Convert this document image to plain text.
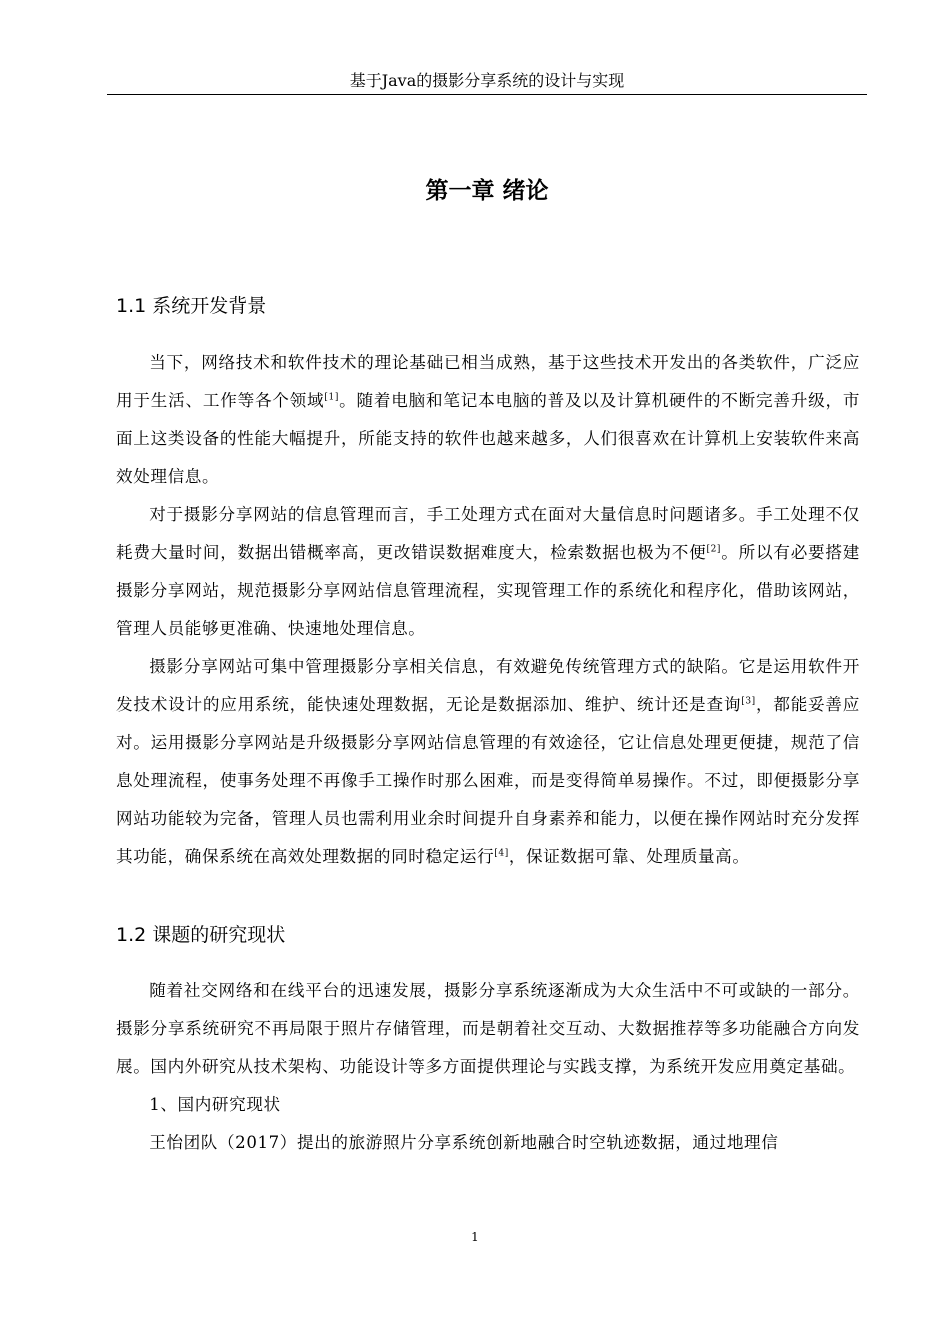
基于Java的摄影分享系统的设计与实现
第一章 绪论
1.1 系统开发背景

当下，网络技术和软件技术的理论基础已相当成熟，基于这些技术开发出的各类软件，广泛应用于生活、工作等各个领域[1]。随着电脑和笔记本电脑的普及以及计算机硬件的不断完善升级，市面上这类设备的性能大幅提升，所能支持的软件也越来越多，人们很喜欢在计算机上安装软件来高效处理信息。

对于摄影分享网站的信息管理而言，手工处理方式在面对大量信息时问题诸多。手工处理不仅耗费大量时间，数据出错概率高，更改错误数据难度大，检索数据也极为不便[2]。所以有必要搭建摄影分享网站，规范摄影分享网站信息管理流程，实现管理工作的系统化和程序化，借助该网站，管理人员能够更准确、快速地处理信息。

摄影分享网站可集中管理摄影分享相关信息，有效避免传统管理方式的缺陷。它是运用软件开发技术设计的应用系统，能快速处理数据，无论是数据添加、维护、统计还是查询[3]，都能妥善应对。运用摄影分享网站是升级摄影分享网站信息管理的有效途径，它让信息处理更便捷，规范了信息处理流程，使事务处理不再像手工操作时那么困难，而是变得简单易操作。不过，即便摄影分享网站功能较为完备，管理人员也需利用业余时间提升自身素养和能力，以便在操作网站时充分发挥其功能，确保系统在高效处理数据的同时稳定运行[4]，保证数据可靠、处理质量高。

1.2 课题的研究现状

随着社交网络和在线平台的迅速发展，摄影分享系统逐渐成为大众生活中不可或缺的一部分。摄影分享系统研究不再局限于照片存储管理，而是朝着社交互动、大数据推荐等多功能融合方向发展。国内外研究从技术架构、功能设计等多方面提供理论与实践支撑，为系统开发应用奠定基础。

1、国内研究现状

王怡团队（2017）提出的旅游照片分享系统创新地融合时空轨迹数据，通过地理信

1
